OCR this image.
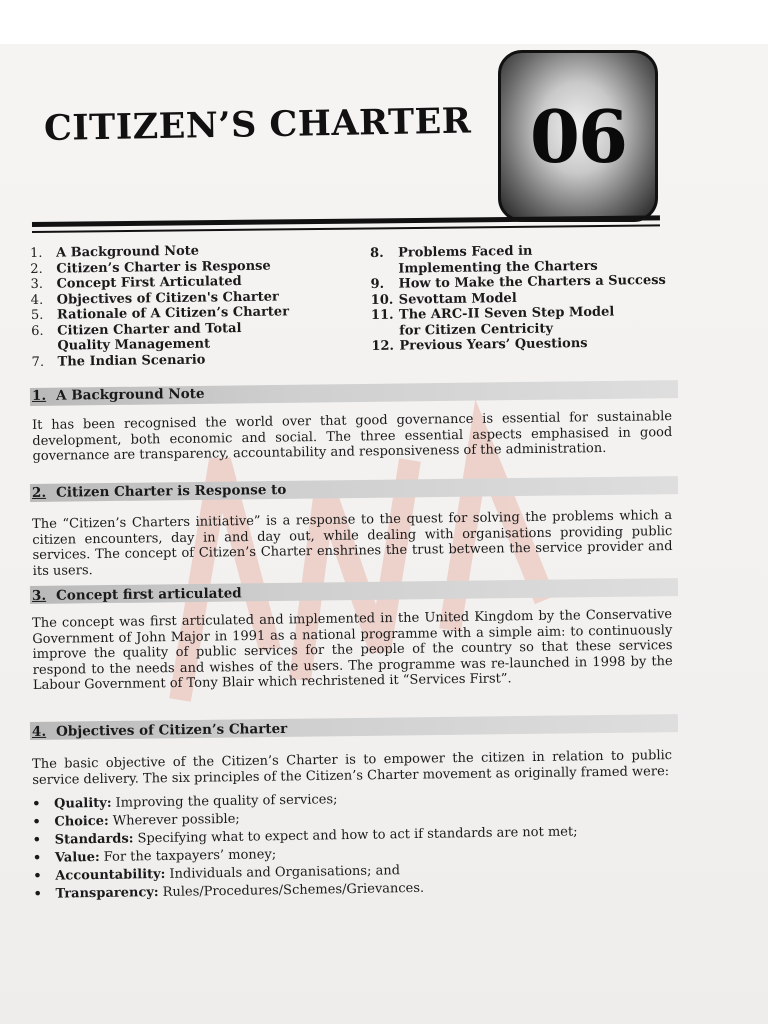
CITIZEN’S CHARTER 06
1.	A Background Note
2.	Citizen’s Charter is Response
3.	Concept First Articulated
4.	Objectives of Citizen's Charter
5.	Rationale of A Citizen’s Charter
6.	Citizen Charter and Total Quality Management
7.	The Indian Scenario
8.	Problems Faced in Implementing the Charters
9.	How to Make the Charters a Success
10. Sevottam Model
11. The ARC-II Seven Step Model for Citizen Centricity
12. Previous Years’ Questions
1. A Background Note
It has been recognised the world over that good governance is essential for sustainable development, both economic and social. The three essential aspects emphasised in good governance are transparency, accountability and responsiveness of the administration.
2. Citizen Charter is Response to
The “Citizen’s Charters initiative” is a response to the quest for solving the problems which a citizen encounters, day in and day out, while dealing with organisations providing public services. The concept of Citizen’s Charter enshrines the trust between the service provider and its users.
3. Concept first articulated
The concept was first articulated and implemented in the United Kingdom by the Conservative Government of John Major in 1991 as a national programme with a simple aim: to continuously improve the quality of public services for the people of the country so that these services respond to the needs and wishes of the users. The programme was re-launched in 1998 by the Labour Government of Tony Blair which rechristened it “Services First”.
4. Objectives of Citizen’s Charter
The basic objective of the Citizen’s Charter is to empower the citizen in relation to public service delivery. The six principles of the Citizen’s Charter movement as originally framed were:
•	Quality: Improving the quality of services;
•	Choice: Wherever possible;
•	Standards: Specifying what to expect and how to act if standards are not met;
•	Value: For the taxpayers’ money;
•	Accountability: Individuals and Organisations; and
•	Transparency: Rules/Procedures/Schemes/Grievances.
